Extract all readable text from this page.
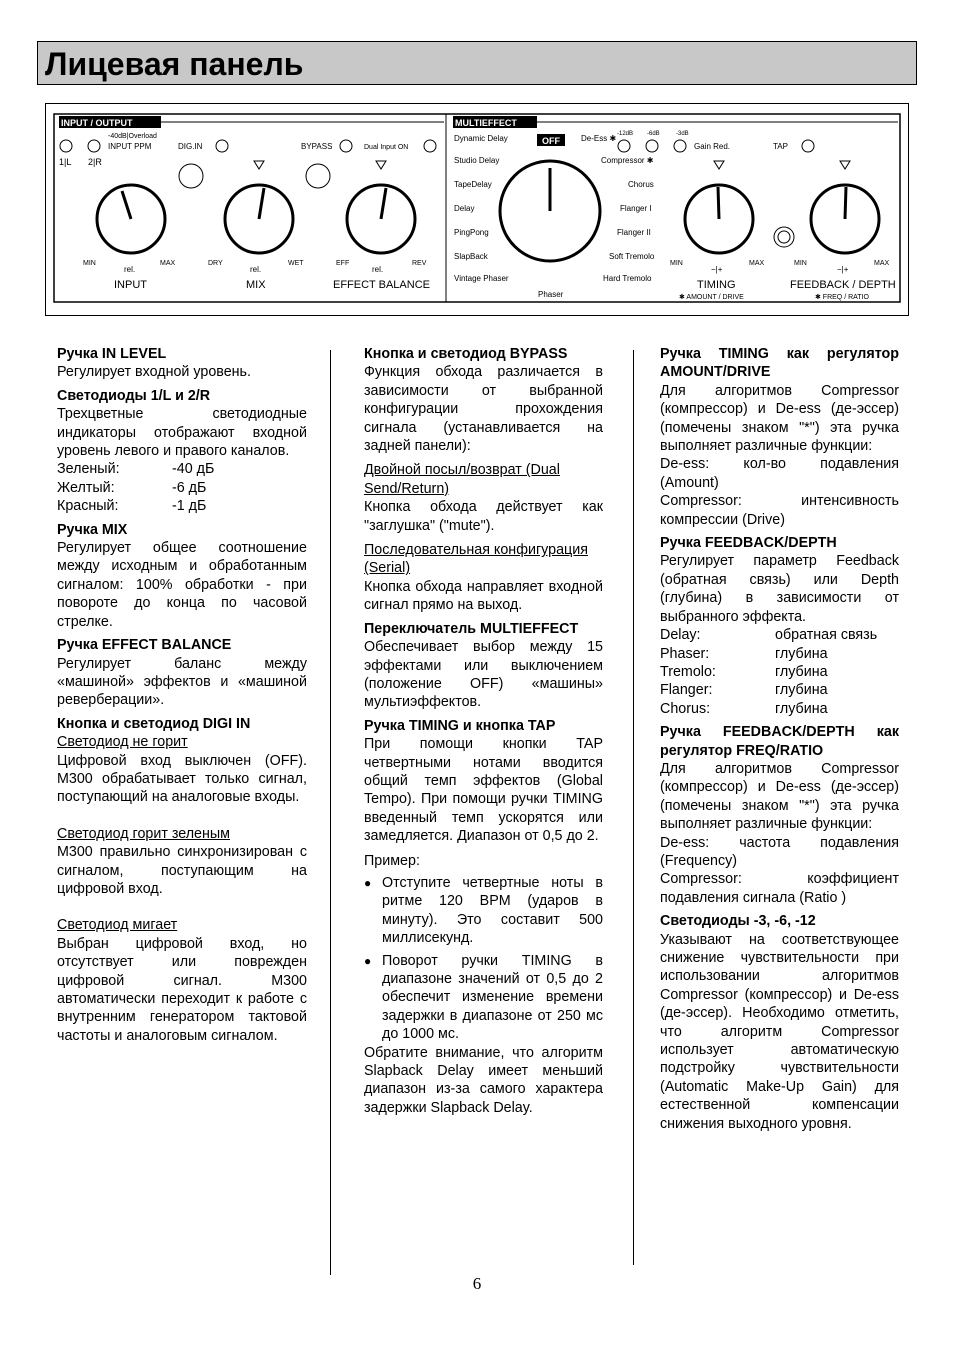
Лицевая панель
INPUT / OUTPUT	MULTIEFFECT
1|L 2|R
-40dB|Overload
INPUT PPM	DIG.IN	BYPASS	Dual Input ON
MIN	MAX
rel.
INPUT
DRY	WET
rel.
MIX
EFF	REV
rel.
EFFECT BALANCE
Dynamic Delay
Studio Delay
TapeDelay
Delay
PingPong
SlapBack
Vintage Phaser
De-Ess ✱
Compressor ✱
Chorus
Flanger I
Flanger II
Soft Tremolo
Hard Tremolo
OFF
Phaser
-12dB -6dB	-3dB
Gain Red.	TAP
MIN	MAX
−|+
TIMING
✱ AMOUNT / DRIVE
MIN	MAX
−|+
FEEDBACK / DEPTH
✱ FREQ / RATIO
Ручка IN LEVEL

Регулирует входной уровень.

Светодиоды 1/L и 2/R

Трехцветные светодиодные индикаторы отображают входной уровень левого и правого каналов.

Зеленый:	-40 дБ
Желтый:	-6 дБ
Красный:	-1 дБ
Ручка MIX

Регулирует общее соотношение между исходным и обработанным сигналом: 100% обработки - при повороте до конца по часовой стрелке.

Ручка EFFECT BALANCE

Регулирует баланс между «машиной» эффектов и «машиной реверберации».

Кнопка и светодиод DIGI IN
Светодиод не горит

Цифровой вход выключен (OFF). M300 обрабатывает только сигнал, поступающий на аналоговые входы.

Светодиод горит зеленым

M300 правильно синхронизирован с сигналом, поступающим на цифровой вход.

Светодиод мигает

Выбран цифровой вход, но отсутствует или поврежден цифровой сигнал. M300 автоматически переходит к работе с внутренним генератором тактовой частоты и аналоговым сигналом.

Кнопка и светодиод BYPASS

Функция обхода различается в зависимости от выбранной конфигурации прохождения сигнала (устанавливается на задней панели):

Двойной посыл/возврат (Dual Send/Return)

Кнопка обхода действует как "заглушка" ("mute").

Последовательная конфигурация (Serial)

Кнопка обхода направляет входной сигнал прямо на выход.

Переключатель MULTIEFFECT

Обеспечивает выбор между 15 эффектами или выключением (положение OFF) «машины» мультиэффектов.

Ручка TIMING и кнопка TAP

При помощи кнопки TAP четвертными нотами вводится общий темп эффектов (Global Tempo). При помощи ручки TIMING введенный темп ускорятся или замедляется. Диапазон от 0,5 до 2.

Пример:

● Отступите четвертные ноты в ритме 120 BPM (ударов в минуту). Это составит 500 миллисекунд.
● Поворот ручки TIMING в диапазоне значений от 0,5 до 2 обеспечит изменение времени задержки в диапазоне от 250 мс до 1000 мс.

Обратите внимание, что алгоритм Slapback Delay имеет меньший диапазон из-за самого характера задержки Slapback Delay.

Ручка TIMING как регулятор AMOUNT/DRIVE

Для алгоритмов Compressor (компрессор) и De-ess (де-эссер) (помечены знаком "*") эта ручка выполняет различные функции:

De-ess: кол-во подавления (Amount)

Compressor: интенсивность компрессии (Drive)

Ручка FEEDBACK/DEPTH

Регулирует параметр Feedback (обратная связь) или Depth (глубина) в зависимости от выбранного эффекта.

Delay:	обратная связь
Phaser:	глубина
Tremolo:	глубина
Flanger:	глубина
Chorus:	глубина
Ручка FEEDBACK/DEPTH как регулятор FREQ/RATIO

Для алгоритмов Compressor (компрессор) и De-ess (де-эссер) (помечены знаком "*") эта ручка выполняет различные функции:

De-ess: частота подавления (Frequency)

Compressor: коэффициент подавления сигнала (Ratio )

Светодиоды -3, -6, -12

Указывают на соответствующее снижение чувствительности при использовании алгоритмов Compressor (компрессор) и De-ess (де-эссер). Необходимо отметить, что алгоритм Compressor использует автоматическую подстройку чувствительности (Automatic Make-Up Gain) для естественной компенсации снижения выходного уровня.

6
